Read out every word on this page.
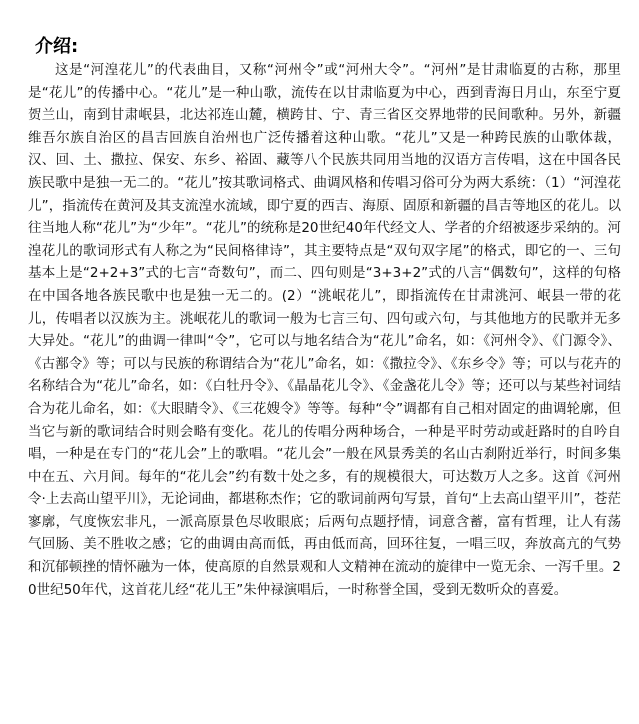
介绍:

这是“河湟花儿”的代表曲目，又称“河州令”或“河州大令”。“河州”是甘肃临夏的古称，那里是“花儿”的传播中心。“花儿”是一种山歌，流传在以甘肃临夏为中心，西到青海日月山，东至宁夏贺兰山，南到甘肃岷县，北达祁连山麓，横跨甘、宁、青三省区交界地带的民间歌种。另外，新疆维吾尔族自治区的昌吉回族自治州也广泛传播着这种山歌。“花儿”又是一种跨民族的山歌体裁，汉、回、土、撒拉、保安、东乡、裕固、藏等八个民族共同用当地的汉语方言传唱，这在中国各民族民歌中是独一无二的。“花儿”按其歌词格式、曲调风格和传唱习俗可分为两大系统：（1）“河湟花儿”，指流传在黄河及其支流湟水流域，即宁夏的西吉、海原、固原和新疆的昌吉等地区的花儿。以往当地人称“花儿”为“少年”。“花儿”的统称是20世纪40年代经文人、学者的介绍被逐步采纳的。河湟花儿的歌词形式有人称之为“民间格律诗”，其主要特点是“双句双字尾”的格式，即它的一、三句基本上是“2+2+3”式的七言“奇数句”，而二、四句则是“3+3+2”式的八言“偶数句”，这样的句格在中国各地各族民歌中也是独一无二的。(2）“洮岷花儿”，即指流传在甘肃洮河、岷县一带的花儿，传唱者以汉族为主。洮岷花儿的歌词一般为七言三句、四句或六句，与其他地方的民歌并无多大异处。“花儿”的曲调一律叫“令”，它可以与地名结合为“花儿”命名，如：《河州令》、《门源令》、《古鄯令》等；可以与民族的称谓结合为“花儿”命名，如：《撒拉令》、《东乡令》等；可以与花卉的名称结合为“花儿”命名，如：《白牡丹令》、《晶晶花儿令》、《金盏花儿令》等；还可以与某些衬词结合为花儿命名，如：《大眼睛令》、《三花嫂令》等等。每种“令”调都有自己相对固定的曲调轮廓，但当它与新的歌词结合时则会略有变化。花儿的传唱分两种场合，一种是平时劳动或赶路时的自吟自唱，一种是在专门的“花儿会”上的歌唱。“花儿会”一般在风景秀美的名山古刹附近举行，时间多集中在五、六月间。每年的“花儿会”约有数十处之多，有的规模很大，可达数万人之多。这首《河州令·上去高山望平川》，无论词曲，都堪称杰作；它的歌词前两句写景，首句“上去高山望平川”，苍茫寥廓，气度恢宏非凡，一派高原景色尽收眼底；后两句点题抒情，词意含蓄，富有哲理，让人有荡气回肠、美不胜收之感；它的曲调由高而低，再由低而高，回环往复，一唱三叹，奔放高亢的气势和沉郁顿挫的情怀融为一体，使高原的自然景观和人文精神在流动的旋律中一览无余、一泻千里。20世纪50年代，这首花儿经“花儿王”朱仲禄演唱后，一时称誉全国，受到无数听众的喜爱。
